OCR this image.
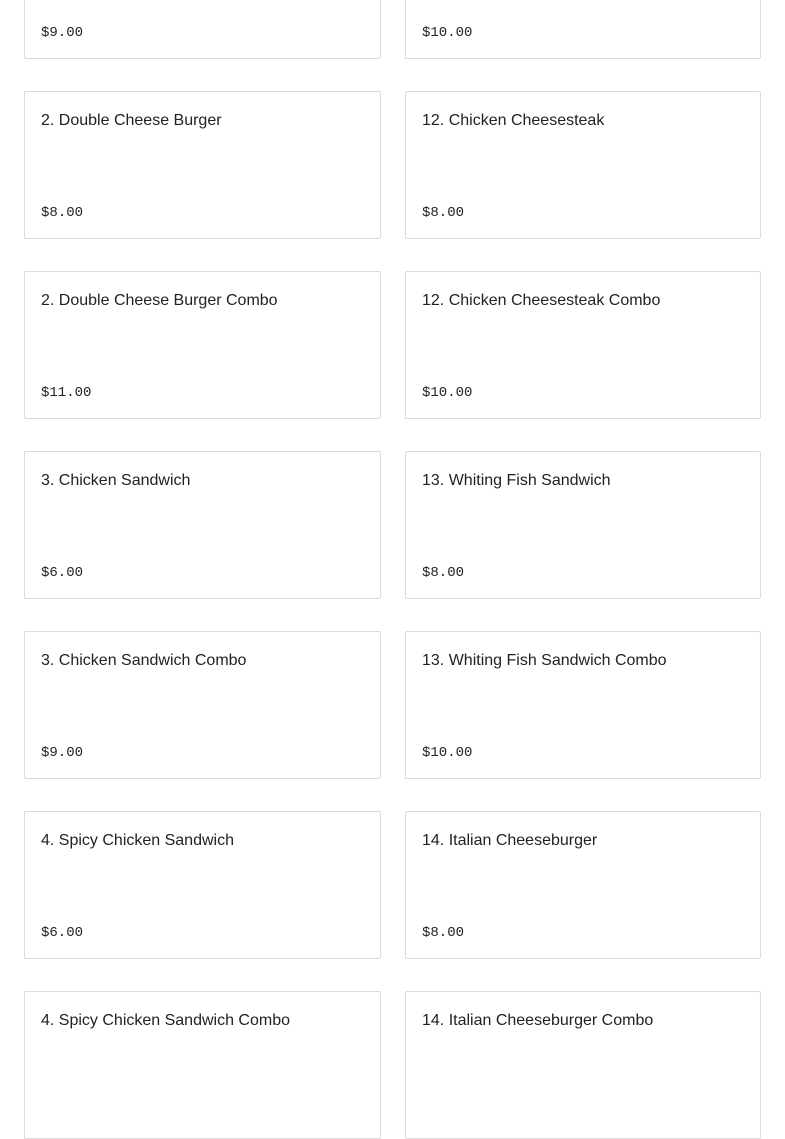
$9.00	$10.00
2. Double Cheese Burger
$8.00
12. Chicken Cheesesteak
$8.00
2. Double Cheese Burger Combo
$11.00
12. Chicken Cheesesteak Combo
$10.00
3. Chicken Sandwich
$6.00
13. Whiting Fish Sandwich
$8.00
3. Chicken Sandwich Combo
$9.00
13. Whiting Fish Sandwich Combo
$10.00
4. Spicy Chicken Sandwich
$6.00
14. Italian Cheeseburger
$8.00
4. Spicy Chicken Sandwich Combo	14. Italian Cheeseburger Combo
